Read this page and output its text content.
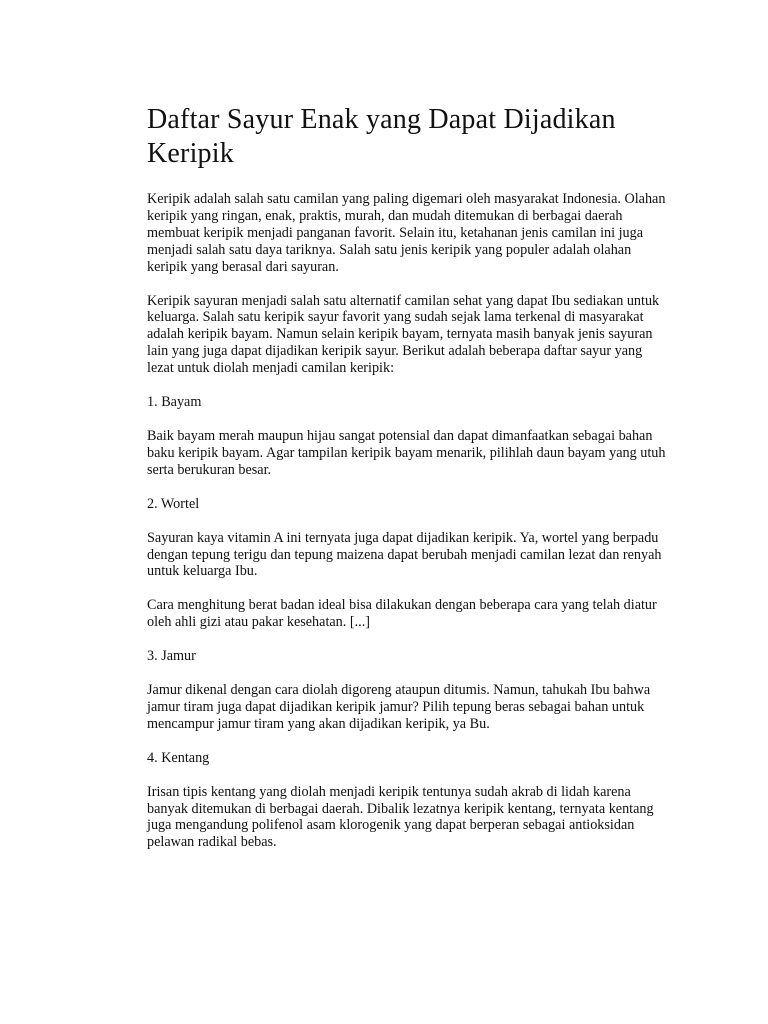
Daftar Sayur Enak yang Dapat Dijadikan Keripik

Keripik adalah salah satu camilan yang paling digemari oleh masyarakat Indonesia. Olahan keripik yang ringan, enak, praktis, murah, dan mudah ditemukan di berbagai daerah membuat keripik menjadi panganan favorit. Selain itu, ketahanan jenis camilan ini juga menjadi salah satu daya tariknya. Salah satu jenis keripik yang populer adalah olahan keripik yang berasal dari sayuran.

Keripik sayuran menjadi salah satu alternatif camilan sehat yang dapat Ibu sediakan untuk keluarga. Salah satu keripik sayur favorit yang sudah sejak lama terkenal di masyarakat adalah keripik bayam. Namun selain keripik bayam, ternyata masih banyak jenis sayuran lain yang juga dapat dijadikan keripik sayur. Berikut adalah beberapa daftar sayur yang lezat untuk diolah menjadi camilan keripik:

1. Bayam

Baik bayam merah maupun hijau sangat potensial dan dapat dimanfaatkan sebagai bahan baku keripik bayam. Agar tampilan keripik bayam menarik, pilihlah daun bayam yang utuh serta berukuran besar.

2. Wortel

Sayuran kaya vitamin A ini ternyata juga dapat dijadikan keripik. Ya, wortel yang berpadu dengan tepung terigu dan tepung maizena dapat berubah menjadi camilan lezat dan renyah untuk keluarga Ibu.

Cara menghitung berat badan ideal bisa dilakukan dengan beberapa cara yang telah diatur oleh ahli gizi atau pakar kesehatan. [...]

3. Jamur

Jamur dikenal dengan cara diolah digoreng ataupun ditumis. Namun, tahukah Ibu bahwa jamur tiram juga dapat dijadikan keripik jamur? Pilih tepung beras sebagai bahan untuk mencampur jamur tiram yang akan dijadikan keripik, ya Bu.

4. Kentang

Irisan tipis kentang yang diolah menjadi keripik tentunya sudah akrab di lidah karena banyak ditemukan di berbagai daerah. Dibalik lezatnya keripik kentang, ternyata kentang juga mengandung polifenol asam klorogenik yang dapat berperan sebagai antioksidan pelawan radikal bebas.
